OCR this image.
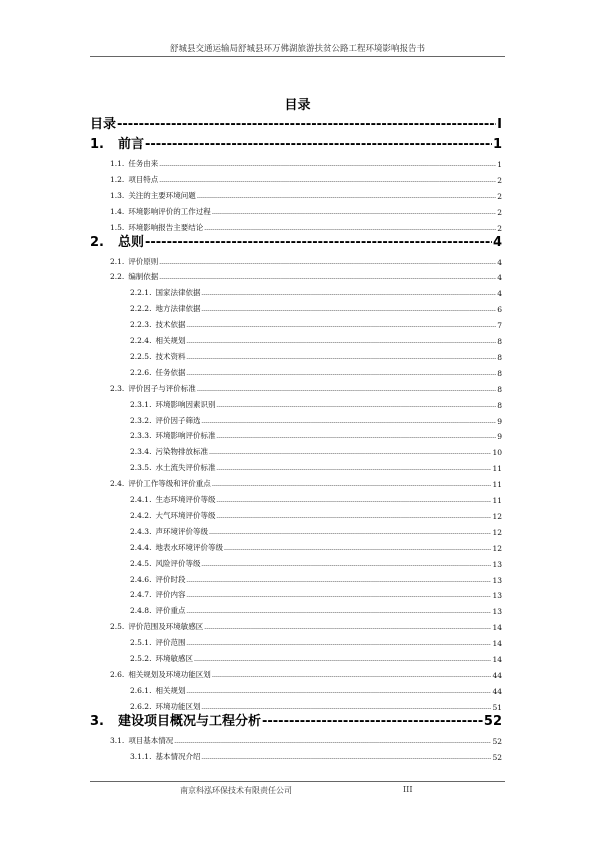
舒城县交通运输局舒城县环万佛湖旅游扶贫公路工程环境影响报告书
目录
目录 -----	I
1. 前言 -----	1
1.1. 任务由来 -----	1
1.2. 项目特点 -----	2
1.3. 关注的主要环境问题 -----	2
1.4. 环境影响评价的工作过程 -----	2
1.5. 环境影响报告主要结论 -----	2
2. 总则 -----	4
2.1. 评价原则 -----	4
2.2. 编制依据 -----	4
2.2.1. 国家法律依据 -----	4
2.2.2. 地方法律依据 -----	6
2.2.3. 技术依据 -----	7
2.2.4. 相关规划 -----	8
2.2.5. 技术资料 -----	8
2.2.6. 任务依据 -----	8
2.3. 评价因子与评价标准 -----	8
2.3.1. 环境影响因素识别 -----	8
2.3.2. 评价因子筛选 -----	9
2.3.3. 环境影响评价标准 -----	9
2.3.4. 污染物排放标准 -----	10
2.3.5. 水土流失评价标准 -----	11
2.4. 评价工作等级和评价重点 -----	11
2.4.1. 生态环境评价等级 -----	11
2.4.2. 大气环境评价等级 -----	12
2.4.3. 声环境评价等级 -----	12
2.4.4. 地表水环境评价等级 -----	12
2.4.5. 风险评价等级 -----	13
2.4.6. 评价时段 -----	13
2.4.7. 评价内容 -----	13
2.4.8. 评价重点 -----	13
2.5. 评价范围及环境敏感区 -----	14
2.5.1. 评价范围 -----	14
2.5.2. 环境敏感区 -----	14
2.6. 相关规划及环境功能区划 -----	44
2.6.1. 相关规划 -----	44
2.6.2. 环境功能区划 -----	51
3. 建设项目概况与工程分析 -----	52
3.1. 项目基本情况 -----	52
3.1.1. 基本情况介绍 -----	52
南京科泓环保技术有限责任公司	III
